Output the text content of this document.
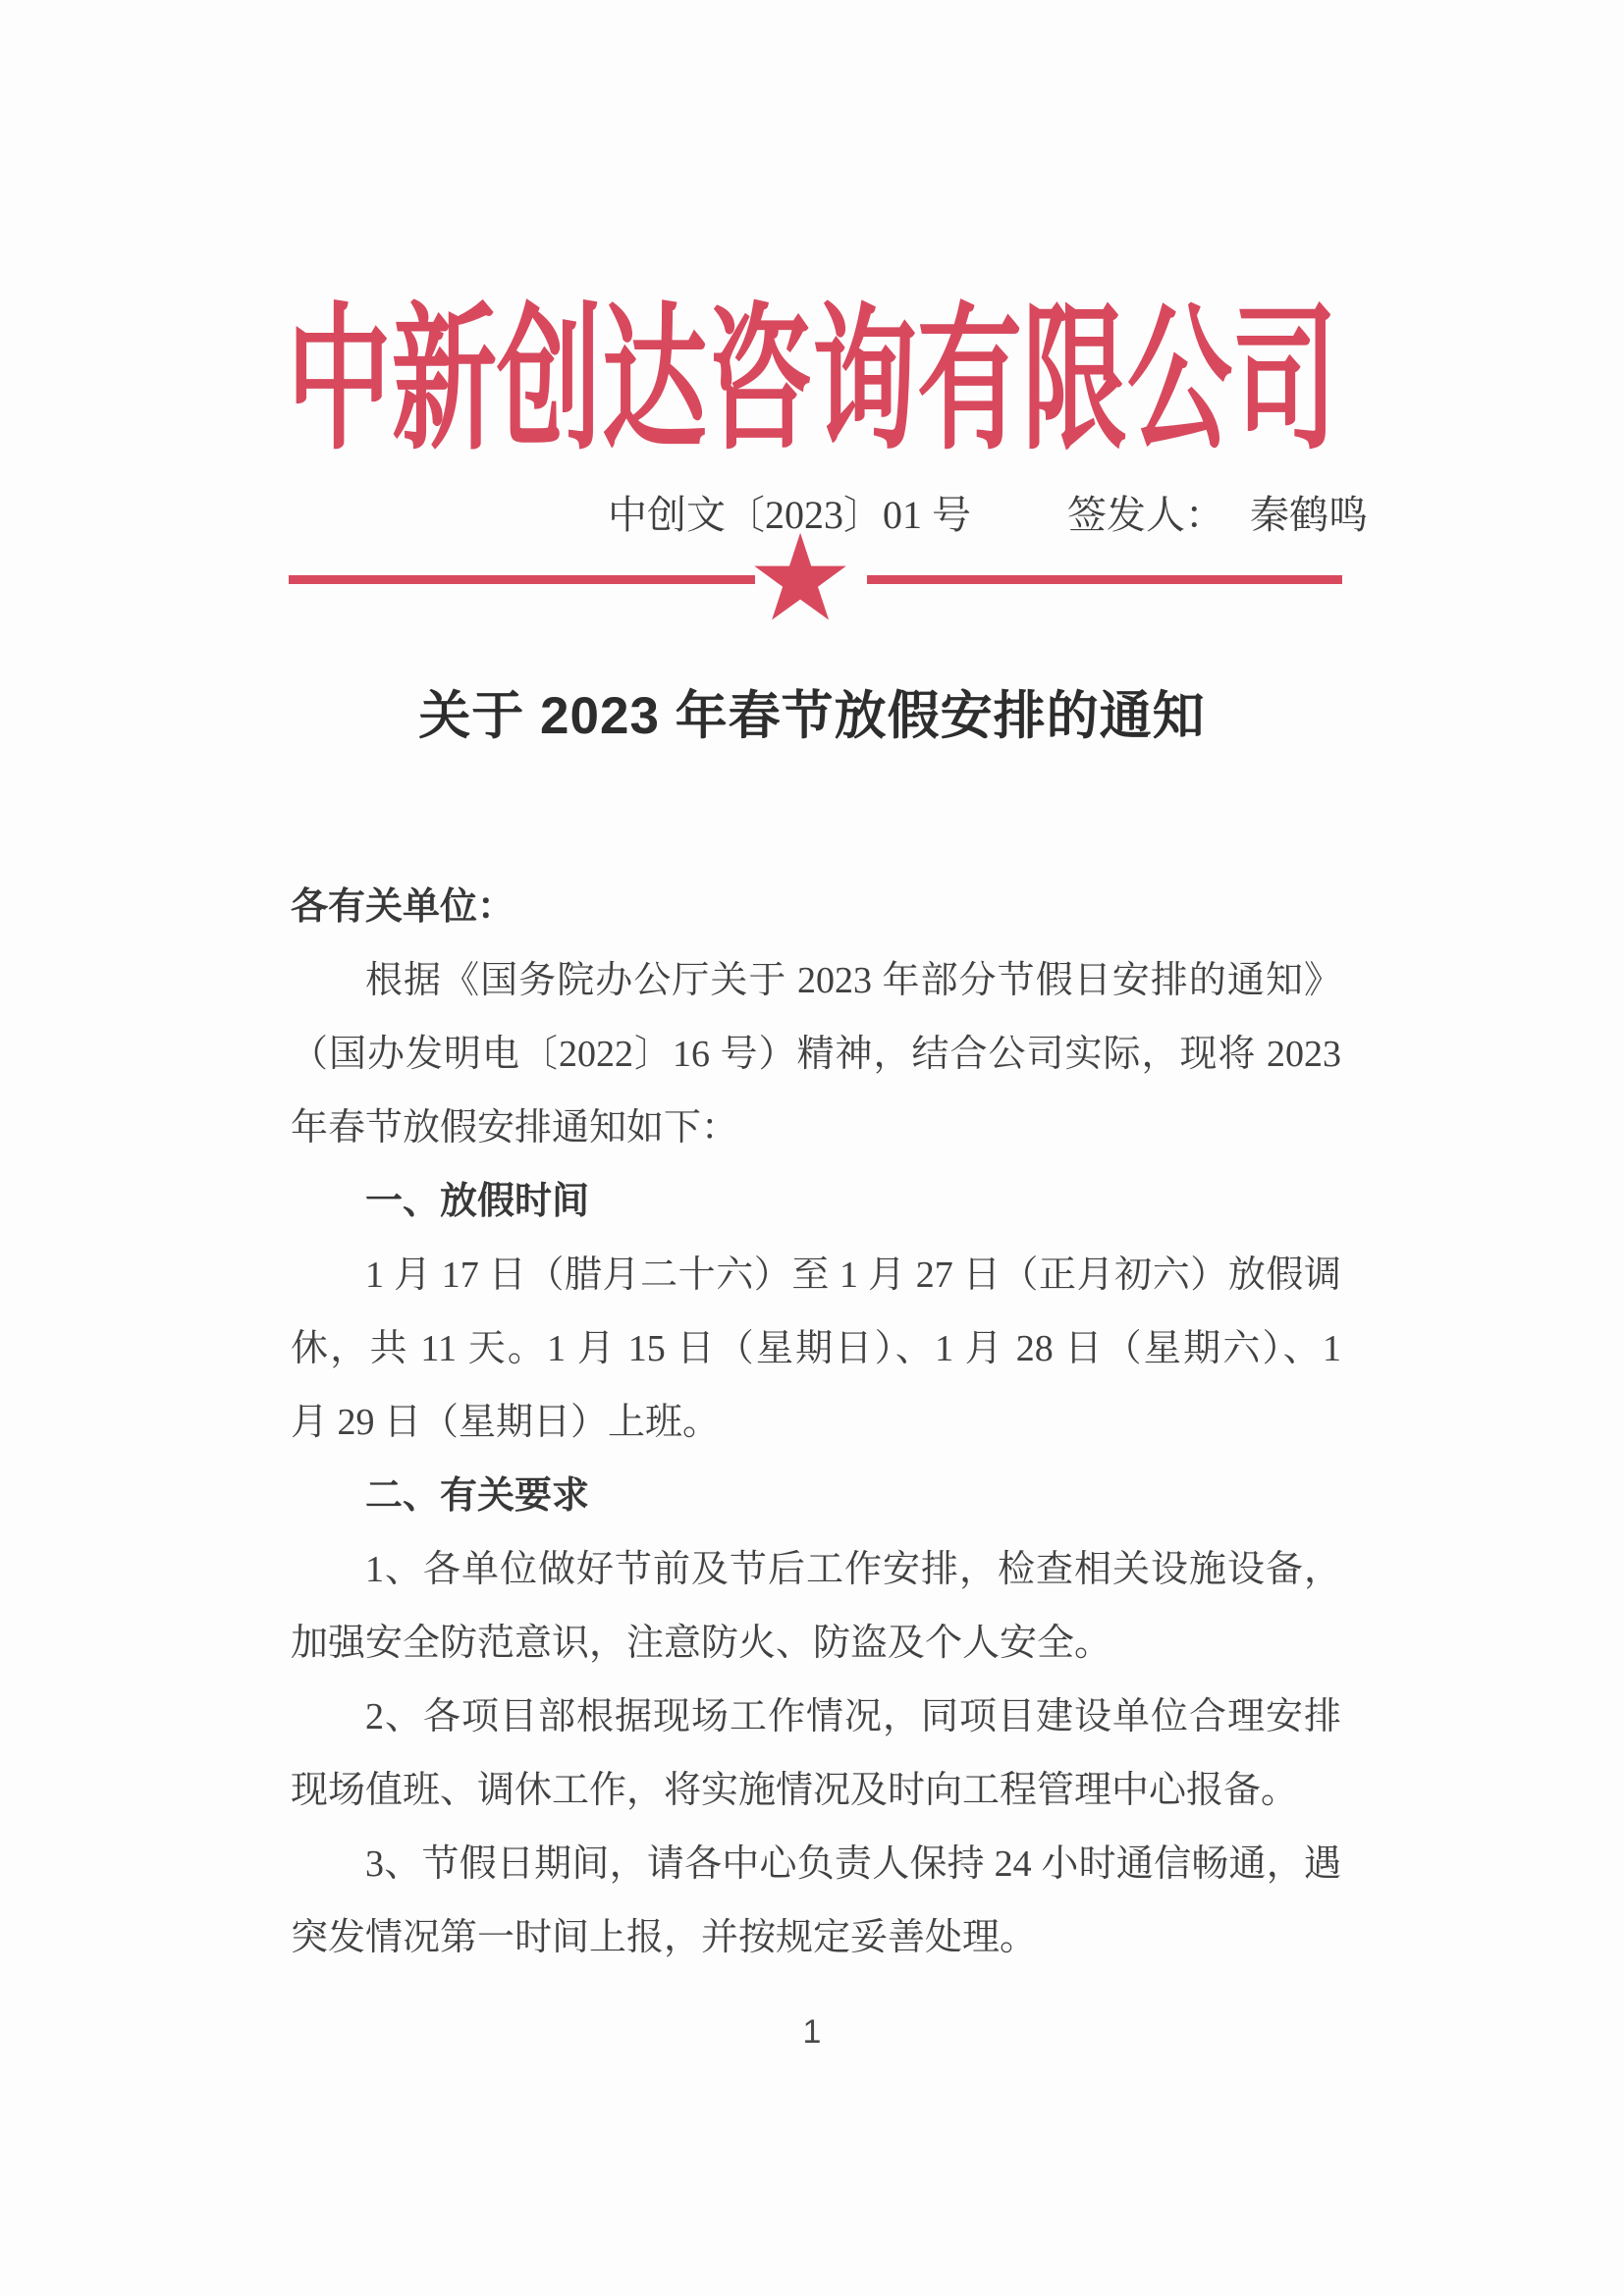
中新创达咨询有限公司
中创文〔2023〕01 号 签发人： 秦鹤鸣
★
关于 2023 年春节放假安排的通知
各有关单位：
根据《国务院办公厅关于 2023 年部分节假日安排的通知》
（国办发明电〔2022〕16 号）精神，结合公司实际，现将 2023
年春节放假安排通知如下：
一、放假时间
1 月 17 日（腊月二十六）至 1 月 27 日（正月初六）放假调
休，共 11 天。1 月 15 日（星期日）、1 月 28 日（星期六）、1
月 29 日（星期日）上班。
二、有关要求
1、各单位做好节前及节后工作安排，检查相关设施设备，
加强安全防范意识，注意防火、防盗及个人安全。
2、各项目部根据现场工作情况，同项目建设单位合理安排
现场值班、调休工作，将实施情况及时向工程管理中心报备。
3、节假日期间，请各中心负责人保持 24 小时通信畅通，遇
突发情况第一时间上报，并按规定妥善处理。
1
